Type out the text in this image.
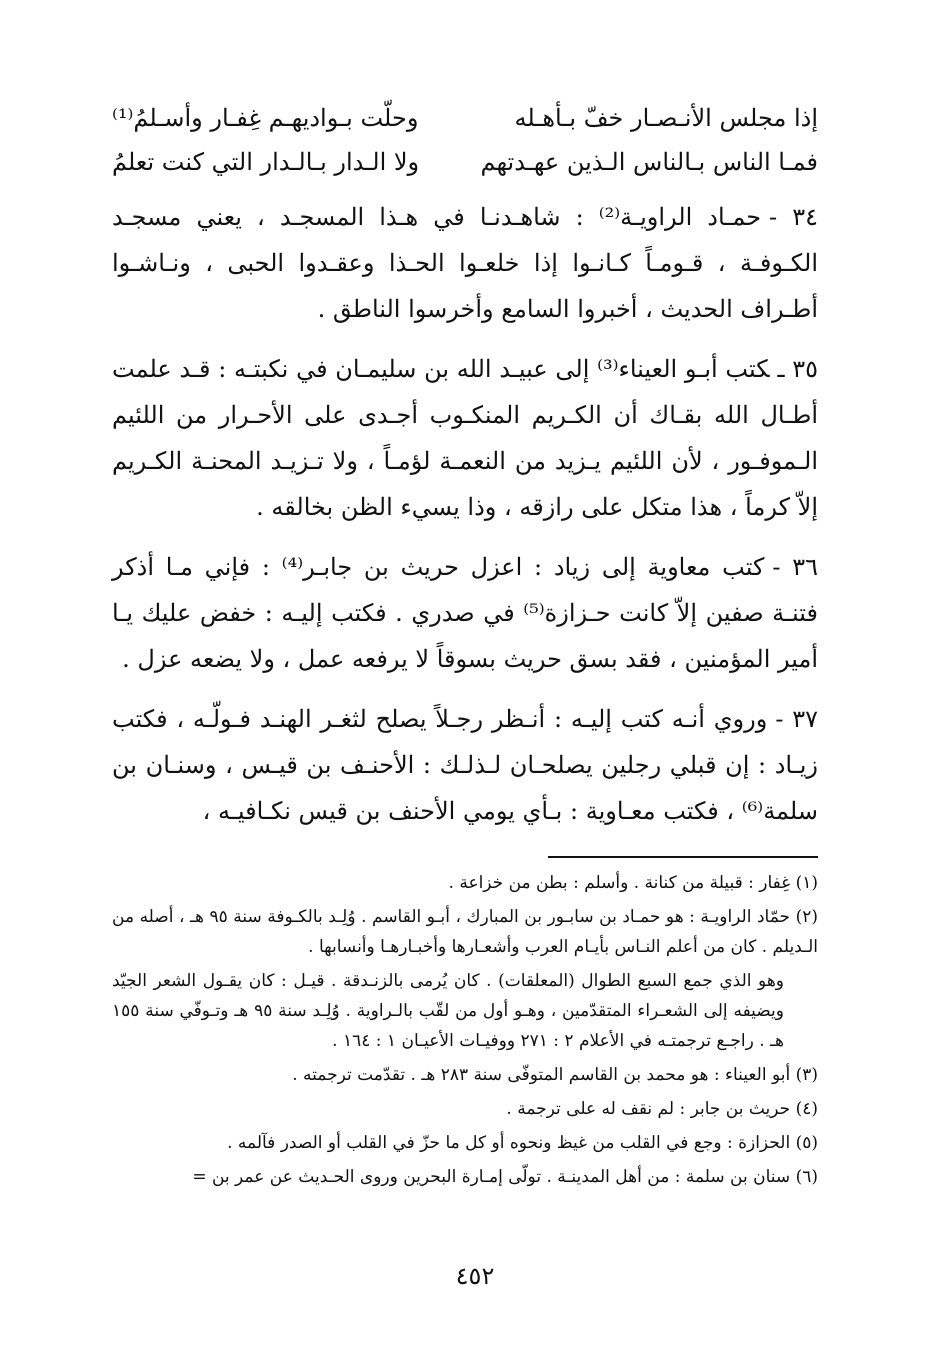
إذا مجلس الأنـصـار خفّ بـأهـله
وحلّت بـواديهـم غِفـار وأسـلمُ⁽¹⁾
فمـا الناس بـالناس الـذين عهـدتهم
ولا الـدار بـالـدار التي كنت تعلمُ

٣٤ -حمـاد الراويـة⁽²⁾ : شاهـدنـا في هـذا المسجـد ، يعني مسجـد الكـوفـة ، قـومـاً كـانـوا إذا خلعـوا الحـذا وعقـدوا الحبى ، ونـاشـوا أطـراف الحديث ، أخبروا السامع وأخرسوا الناطق .

٣٥ ـكتب أبـو العيناء⁽³⁾ إلى عبيـد الله بن سليمـان في نكبتـه : قـد علمت أطـال الله بقـاك أن الكـريم المنكـوب أجـدى على الأحـرار من اللئيم الـموفـور ، لأن اللئيم يـزيد من النعمـة لؤمـاً ، ولا تـزيـد المحنـة الكـريم إلاّ كرماً ، هذا متكل على رازقه ، وذا يسيء الظن بخالقه .

٣٦ -كتب معاوية إلى زياد : اعزل حريث بن جابـر⁽⁴⁾ : فإني مـا أذكر فتنـة صفين إلاّ كانت حـزازة⁽⁵⁾ في صدري . فكتب إليـه : خفض عليك يـا أمير المؤمنين ، فقد بسق حريث بسوقاً لا يرفعه عمل ، ولا يضعه عزل .

٣٧ -وروي أنـه كتب إليـه : أنـظر رجـلاً يصلح لثغـر الهنـد فـولّـه ، فكتب زيـاد : إن قبلي رجلين يصلحـان لـذلـك : الأحنـف بن قيـس ، وسنـان بن سلمة⁽⁶⁾ ، فكتب معـاوية : بـأي يومي الأحنف بن قيس نكـافيـه ،

(١) غِفار : قبيلة من كنانة . وأسلم : بطن من خزاعة .

(٢) حمّاد الراويـة : هو حمـاد بن سابـور بن المبارك ، أبـو القاسم . وُلِـد بالكـوفة سنة ٩٥ هـ ، أصله من الـديلم . كان من أعلم النـاس بأيـام العرب وأشعـارها وأخبـارهـا وأنسابها .

وهو الذي جمع السبع الطوال (المعلقات) . كان يُرمى بالزنـدقة . قيـل : كان يقـول الشعر الجيّد ويضيفه إلى الشعـراء المتقدّمين ، وهـو أول من لقّب بالـراوية . وُلِـد سنة ٩٥ هـ وتـوفّي سنة ١٥٥ هـ . راجـع ترجمتـه في الأعلام ٢ : ٢٧١ ووفيـات الأعيـان ١ : ١٦٤ .

(٣) أبو العيناء : هو محمد بن القاسم المتوفّى سنة ٢٨٣ هـ . تقدّمت ترجمته .

(٤) حريث بن جابر : لم نقف له على ترجمة .

(٥) الحزازة : وجع في القلب من غيظ ونحوه أو كل ما حزّ في القلب أو الصدر فآلمه .

(٦) سنان بن سلمة : من أهل المدينـة . تولّى إمـارة البحرين وروى الحـديث عن عمر بن =

٤٥٢
